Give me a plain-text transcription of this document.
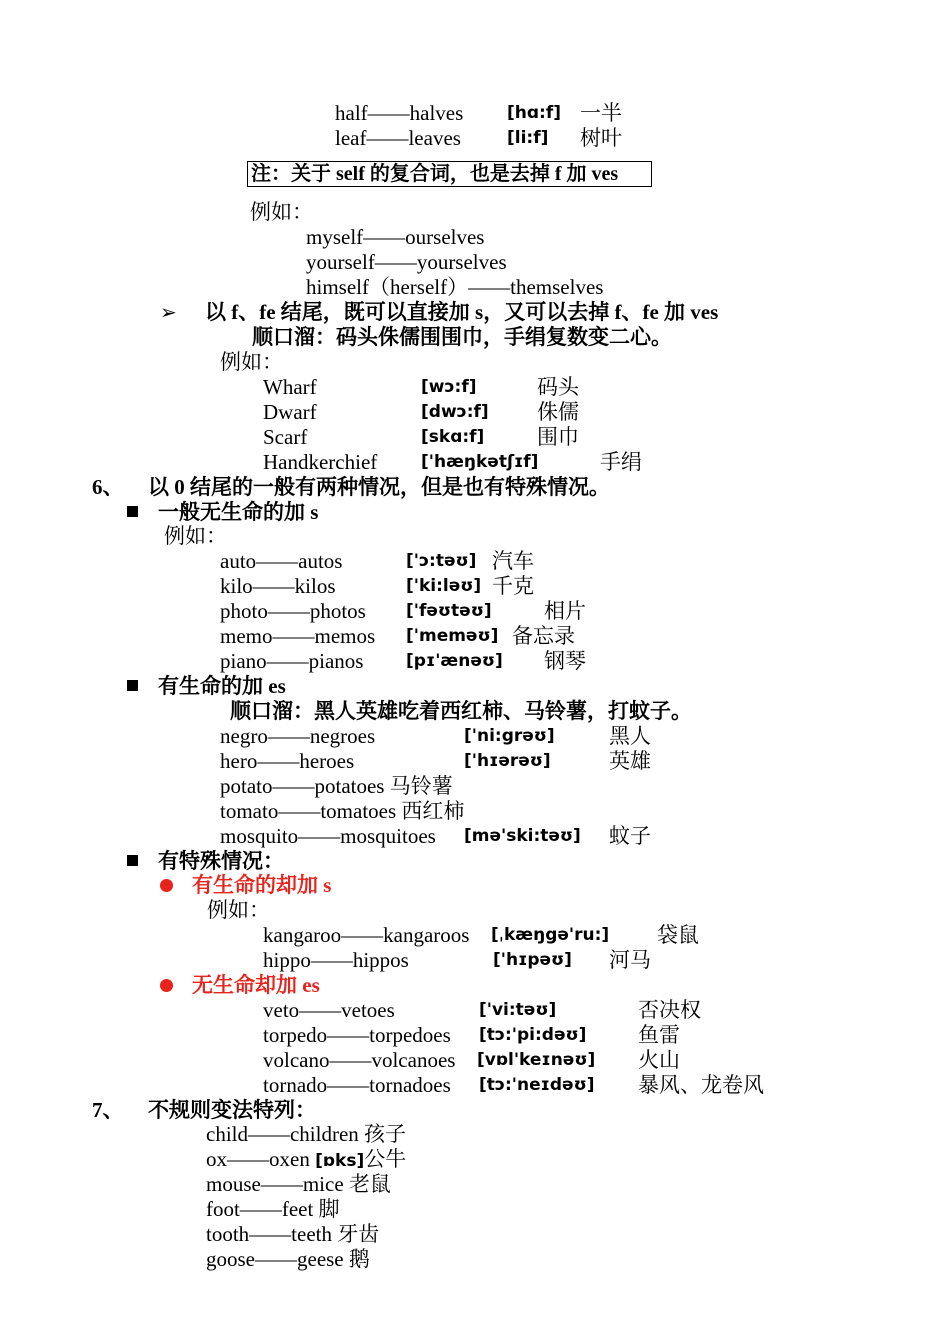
half——halves	[hɑ:f] 一半
leaf——leaves	[li:f] 树叶
注：关于 self 的复合词，也是去掉 f 加 ves
例如：
myself——ourselves
yourself——yourselves
himself（herself）——themselves
➢ 以 f、fe 结尾，既可以直接加 s，又可以去掉 f、fe 加 ves
顺口溜：码头侏儒围围巾，手绢复数变二心。
例如：
Wharf	[wɔ:f]	码头
Dwarf	[dwɔ:f] 侏儒
Scarf	[skɑ:f]	围巾
Handkerchief	['hæŋkətʃɪf]	手绢
6、 以 0 结尾的一般有两种情况，但是也有特殊情况。
一般无生命的加 s
例如：
auto——autos	['ɔ:təʊ] 汽车
kilo——kilos	['ki:ləʊ] 千克
photo——photos ['fəʊtəʊ] 相片
memo——memos ['meməʊ] 备忘录
piano——pianos	[pɪ'ænəʊ] 钢琴
有生命的加 es
顺口溜：黑人英雄吃着西红柿、马铃薯，打蚊子。
negro——negroes	['ni:grəʊ]	黑人
hero——heroes	['hɪərəʊ]	英雄
potato——potatoes 马铃薯
tomato——tomatoes 西红柿
mosquito——mosquitoes [mə'ski:təʊ] 蚊子
有特殊情况：
有生命的却加 s
例如：
kangaroo——kangaroos [ˌkæŋgə'ru:] 袋鼠
hippo——hippos	['hɪpəʊ] 河马
无生命却加 es
veto——vetoes	['vi:təʊ]	否决权
torpedo——torpedoes [tɔ:'pi:dəʊ] 鱼雷
volcano——volcanoes [vɒl'keɪnəʊ] 火山
tornado——tornadoes [tɔ:'neɪdəʊ] 暴风、龙卷风
7、 不规则变法特列：
child——children 孩子
ox——oxen [ɒks]公牛
mouse——mice 老鼠
foot——feet 脚
tooth——teeth 牙齿
goose——geese 鹅
